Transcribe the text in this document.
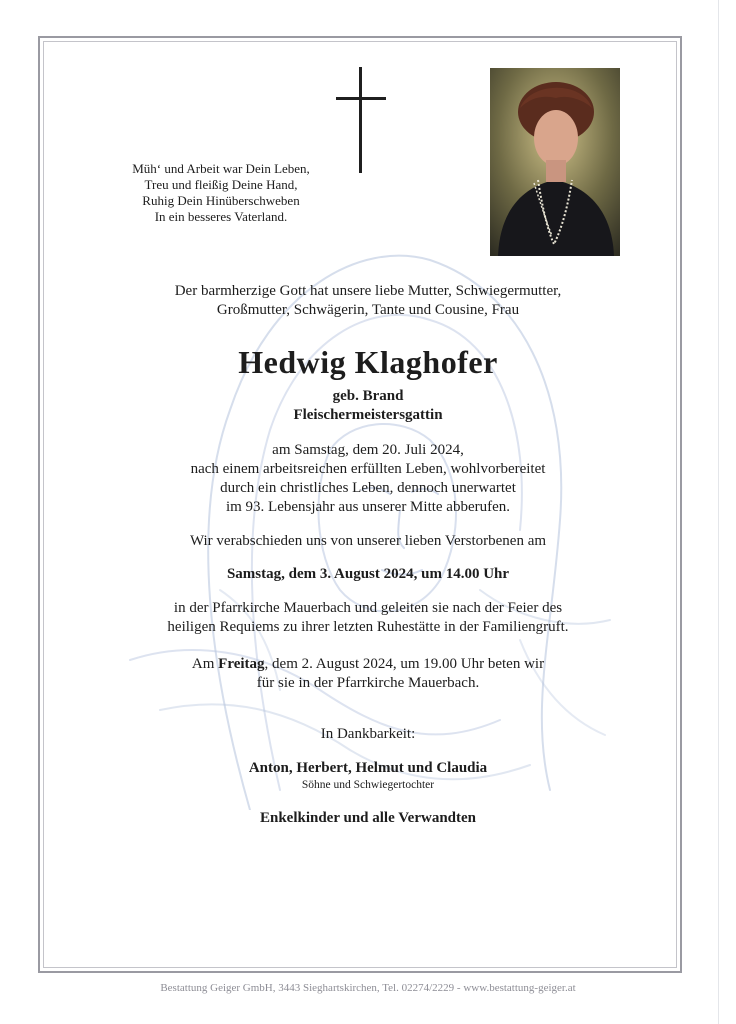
Müh‘ und Arbeit war Dein Leben,
Treu und fleißig Deine Hand,
Ruhig Dein Hinüberschweben
In ein besseres Vaterland.
Der barmherzige Gott hat unsere liebe Mutter, Schwiegermutter,
Großmutter, Schwägerin, Tante und Cousine, Frau
Hedwig Klaghofer
geb. Brand
Fleischermeistersgattin
am Samstag, dem 20. Juli 2024,
nach einem arbeitsreichen erfüllten Leben, wohlvorbereitet
durch ein christliches Leben, dennoch unerwartet
im 93. Lebensjahr aus unserer Mitte abberufen.
Wir verabschieden uns von unserer lieben Verstorbenen am
Samstag, dem 3. August 2024, um 14.00 Uhr
in der Pfarrkirche Mauerbach und geleiten sie nach der Feier des
heiligen Requiems zu ihrer letzten Ruhestätte in der Familiengruft.
Am Freitag, dem 2. August 2024, um 19.00 Uhr beten wir
für sie in der Pfarrkirche Mauerbach.
In Dankbarkeit:
Anton, Herbert, Helmut und Claudia
Söhne und Schwiegertochter
Enkelkinder und alle Verwandten
Bestattung Geiger GmbH, 3443 Sieghartskirchen, Tel. 02274/2229 - www.bestattung-geiger.at
